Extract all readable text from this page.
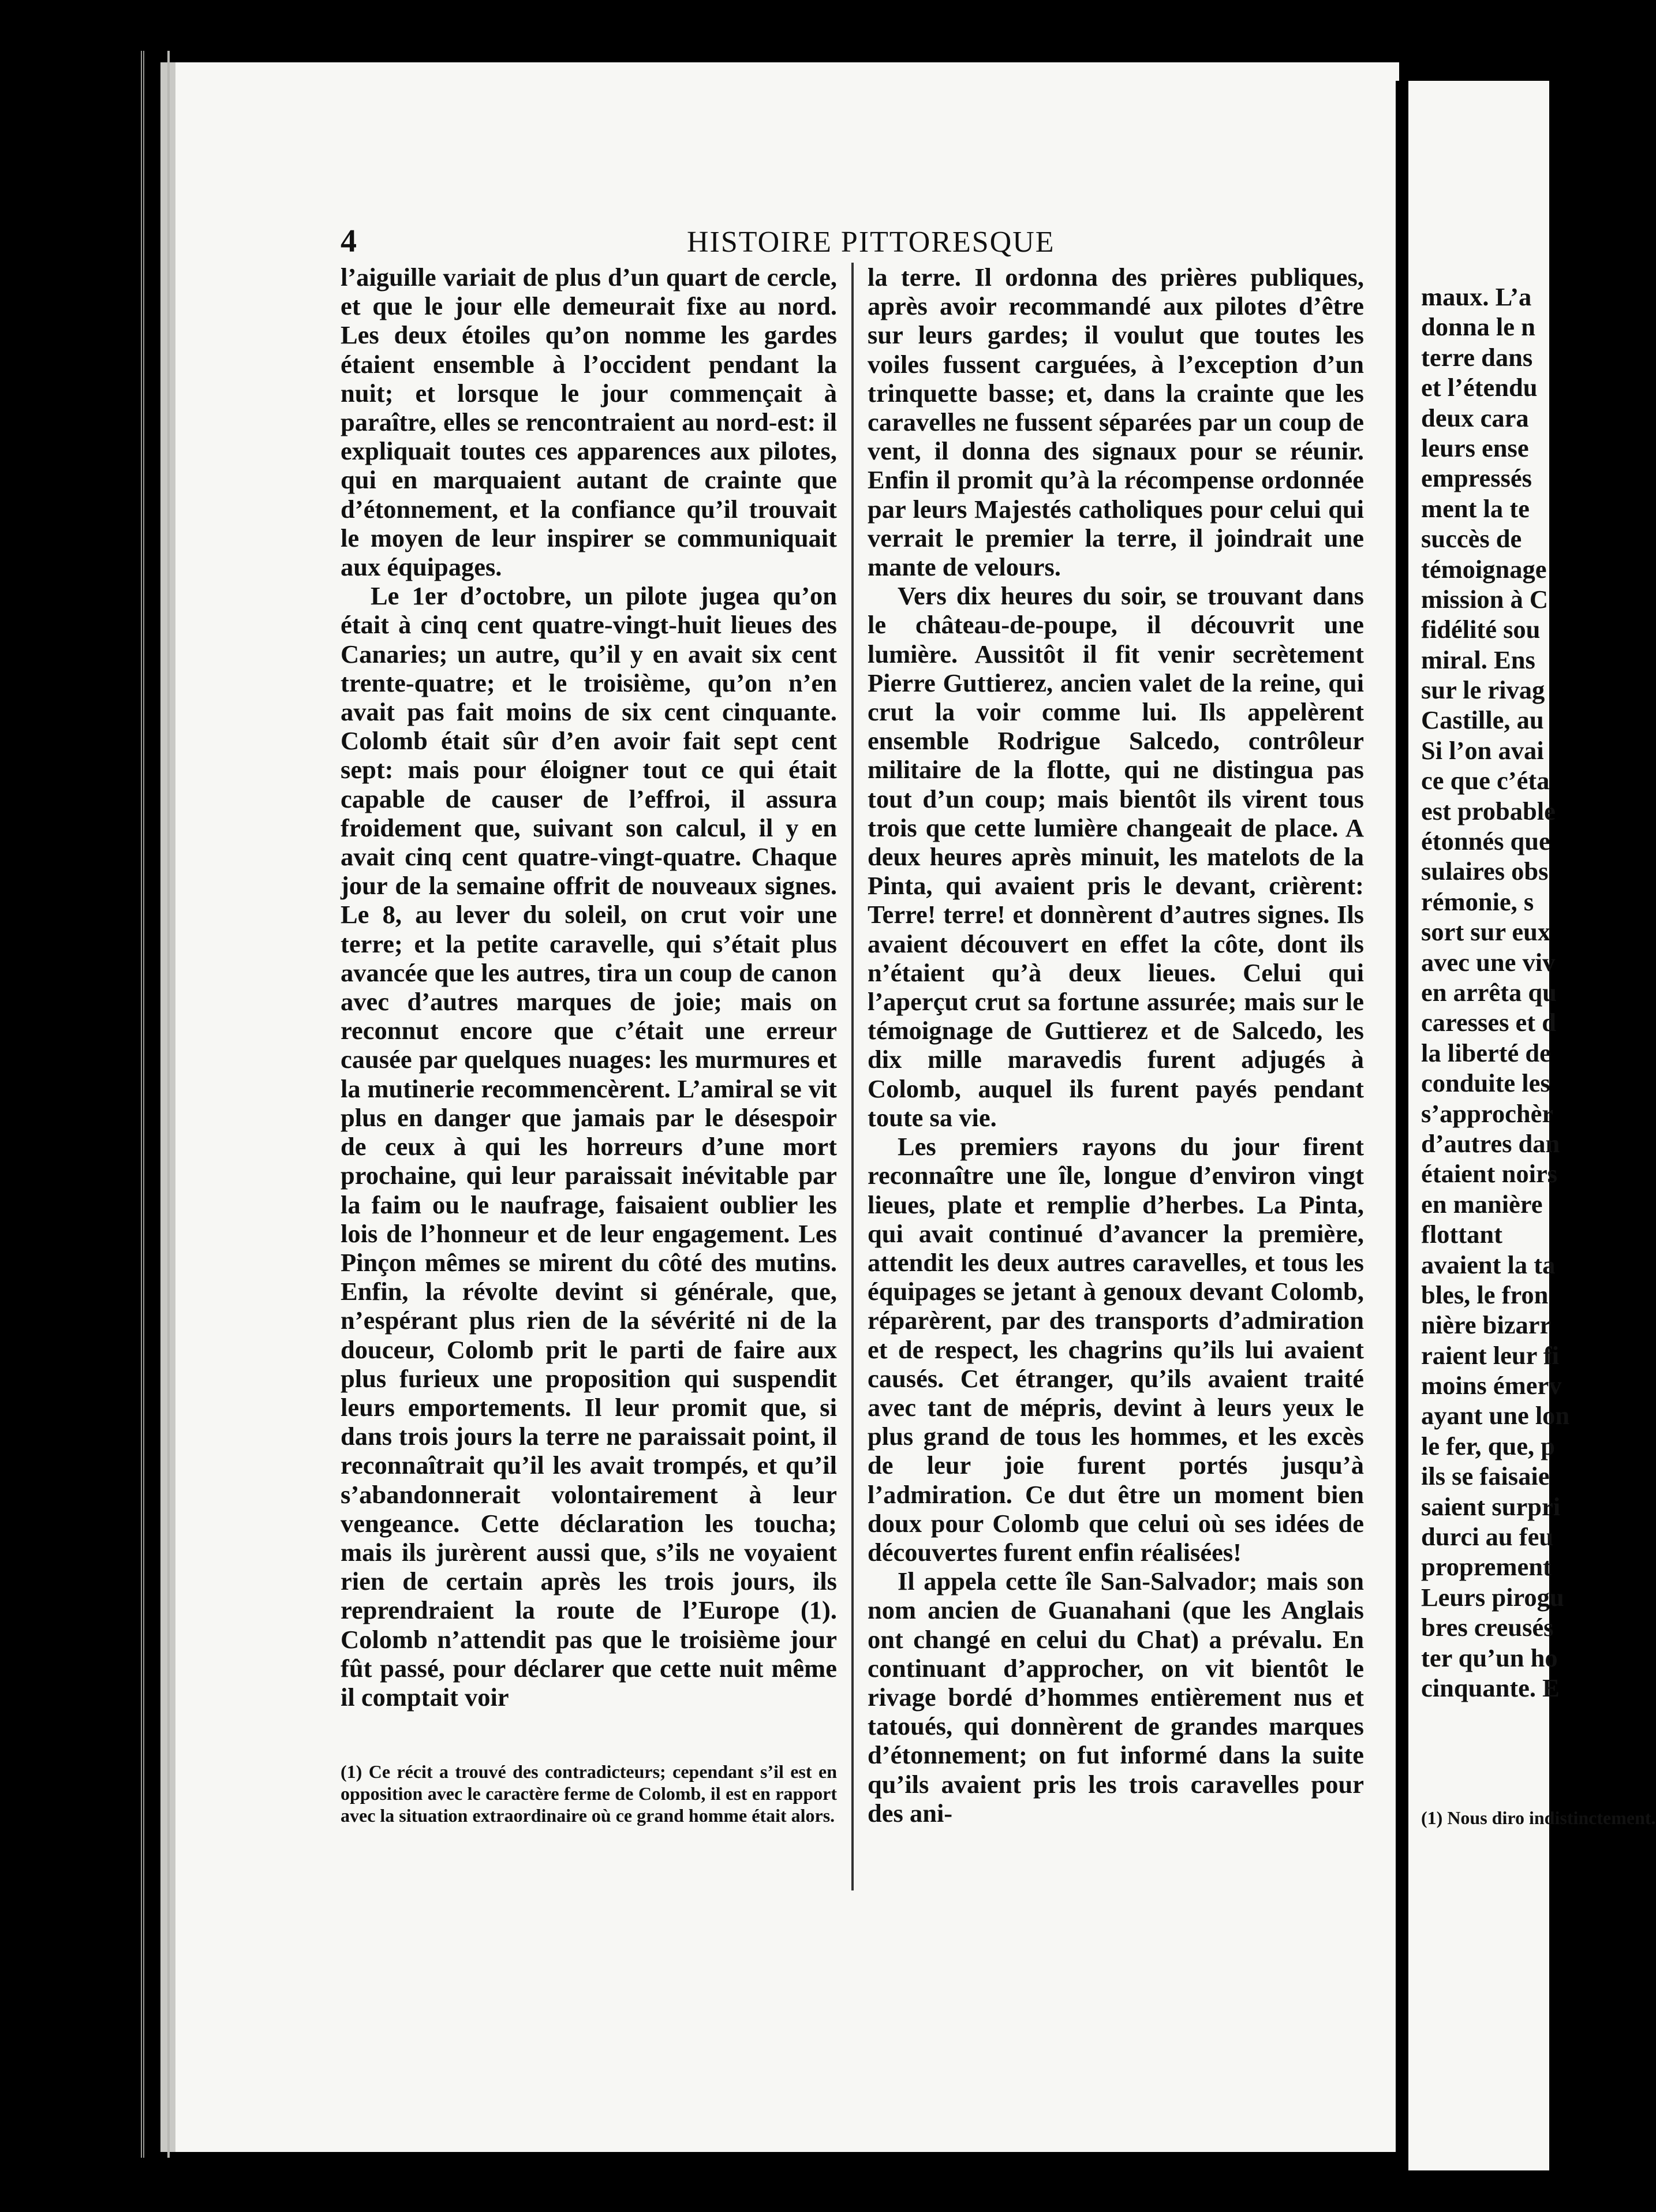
4	HISTOIRE PITTORESQUE

l’aiguille variait de plus d’un quart de cercle, et que le jour elle demeurait fixe au nord. Les deux étoiles qu’on nomme les gardes étaient ensemble à l’occident pendant la nuit; et lorsque le jour commençait à paraître, elles se rencontraient au nord-est: il expliquait toutes ces apparences aux pilotes, qui en marquaient autant de crainte que d’étonnement, et la confiance qu’il trouvait le moyen de leur inspirer se communiquait aux équipages.

Le 1er d’octobre, un pilote jugea qu’on était à cinq cent quatre-vingt-huit lieues des Canaries; un autre, qu’il y en avait six cent trente-quatre; et le troisième, qu’on n’en avait pas fait moins de six cent cinquante. Colomb était sûr d’en avoir fait sept cent sept: mais pour éloigner tout ce qui était capable de causer de l’effroi, il assura froidement que, suivant son calcul, il y en avait cinq cent quatre-vingt-quatre. Chaque jour de la semaine offrit de nouveaux signes. Le 8, au lever du soleil, on crut voir une terre; et la petite caravelle, qui s’était plus avancée que les autres, tira un coup de canon avec d’autres marques de joie; mais on reconnut encore que c’était une erreur causée par quelques nuages: les murmures et la mutinerie recommencèrent. L’amiral se vit plus en danger que jamais par le désespoir de ceux à qui les horreurs d’une mort prochaine, qui leur paraissait inévitable par la faim ou le naufrage, faisaient oublier les lois de l’honneur et de leur engagement. Les Pinçon mêmes se mirent du côté des mutins. Enfin, la révolte devint si générale, que, n’espérant plus rien de la sévérité ni de la douceur, Colomb prit le parti de faire aux plus furieux une proposition qui suspendit leurs emportements. Il leur promit que, si dans trois jours la terre ne paraissait point, il reconnaîtrait qu’il les avait trompés, et qu’il s’abandonnerait volontairement à leur vengeance. Cette déclaration les toucha; mais ils jurèrent aussi que, s’ils ne voyaient rien de certain après les trois jours, ils reprendraient la route de l’Europe (1). Colomb n’attendit pas que le troisième jour fût passé, pour déclarer que cette nuit même il comptait voir

la terre. Il ordonna des prières publiques, après avoir recommandé aux pilotes d’être sur leurs gardes; il voulut que toutes les voiles fussent carguées, à l’exception d’un trinquette basse; et, dans la crainte que les caravelles ne fussent séparées par un coup de vent, il donna des signaux pour se réunir. Enfin il promit qu’à la récompense ordonnée par leurs Majestés catholiques pour celui qui verrait le premier la terre, il joindrait une mante de velours.

Vers dix heures du soir, se trouvant dans le château-de-poupe, il découvrit une lumière. Aussitôt il fit venir secrètement Pierre Guttierez, ancien valet de la reine, qui crut la voir comme lui. Ils appelèrent ensemble Rodrigue Salcedo, contrôleur militaire de la flotte, qui ne distingua pas tout d’un coup; mais bientôt ils virent tous trois que cette lumière changeait de place. A deux heures après minuit, les matelots de la Pinta, qui avaient pris le devant, crièrent: Terre! terre! et donnèrent d’autres signes. Ils avaient découvert en effet la côte, dont ils n’étaient qu’à deux lieues. Celui qui l’aperçut crut sa fortune assurée; mais sur le témoignage de Guttierez et de Salcedo, les dix mille maravedis furent adjugés à Colomb, auquel ils furent payés pendant toute sa vie.

Les premiers rayons du jour firent reconnaître une île, longue d’environ vingt lieues, plate et remplie d’herbes. La Pinta, qui avait continué d’avancer la première, attendit les deux autres caravelles, et tous les équipages se jetant à genoux devant Colomb, réparèrent, par des transports d’admiration et de respect, les chagrins qu’ils lui avaient causés. Cet étranger, qu’ils avaient traité avec tant de mépris, devint à leurs yeux le plus grand de tous les hommes, et les excès de leur joie furent portés jusqu’à l’admiration. Ce dut être un moment bien doux pour Colomb que celui où ses idées de découvertes furent enfin réalisées!

Il appela cette île San-Salvador; mais son nom ancien de Guanahani (que les Anglais ont changé en celui du Chat) a prévalu. En continuant d’approcher, on vit bientôt le rivage bordé d’hommes entièrement nus et tatoués, qui donnèrent de grandes marques d’étonnement; on fut informé dans la suite qu’ils avaient pris les trois caravelles pour des ani-

(1) Ce récit a trouvé des contradicteurs; cependant s’il est en opposition avec le caractère ferme de Colomb, il est en rapport avec la situation extraordinaire où ce grand homme était alors.
maux. L’a
donna le n
terre dans
et l’étendu
deux cara
leurs ense
empressés
ment la te
succès de
témoignage
mission à C
fidélité sou
miral. Ens
sur le rivag
Castille, au
Si l’on avai
ce que c’éta
est probable
étonnés que
sulaires obs
rémonie, s
sort sur eux
avec une viv
en arrêta qu
caresses et d
la liberté de
conduite les
s’approchèr
d’autres dan
étaient noirs
en manière
flottant
avaient la ta
bles, le fron
nière bizarr
raient leur fi
moins émerv
ayant une lon
le fer, que, p
ils se faisaie
saient surpri
durci au feu
proprement
Leurs pirogu
bres creusés
ter qu’un ho
cinquante. E
(1) Nous diro indistinctement.
